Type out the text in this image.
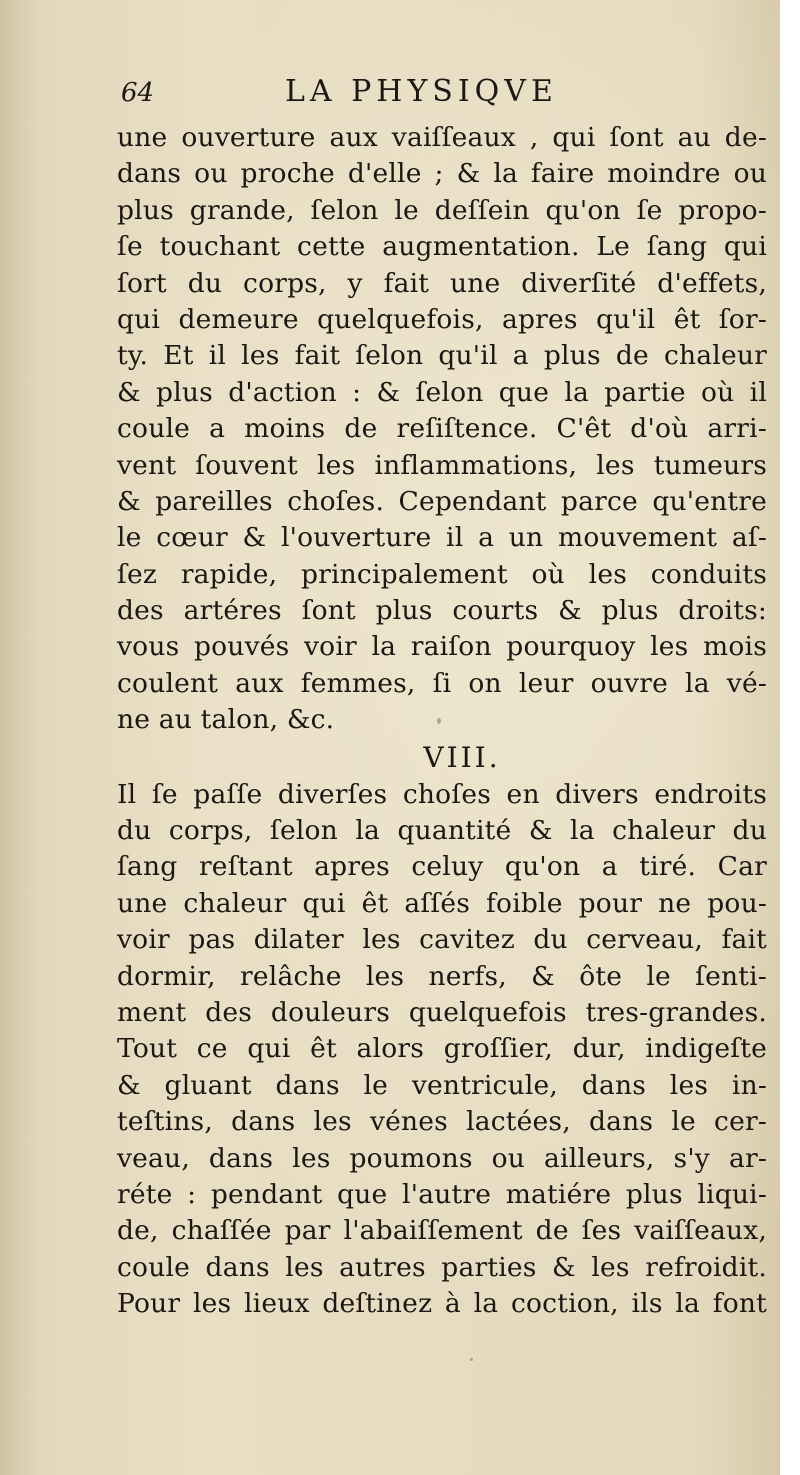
64	LA PHYSIQVE
une ouverture aux vaiſſeaux , qui ſont au de-
dans ou proche d'elle ; & la faire moindre ou
plus grande, ſelon le deſſein qu'on ſe propo-
ſe touchant cette augmentation. Le ſang qui
ſort du corps, y fait une diverſité d'effets,
qui demeure quelquefois, apres qu'il êt ſor-
ty. Et il les fait ſelon qu'il a plus de chaleur
& plus d'action : & ſelon que la partie où il
coule a moins de reſiſtence. C'êt d'où arri-
vent ſouvent les inflammations, les tumeurs
& pareilles choſes. Cependant parce qu'entre
le cœur & l'ouverture il a un mouvement aſ-
ſez rapide, principalement où les conduits
des artéres ſont plus courts & plus droits:
vous pouvés voir la raiſon pourquoy les mois
coulent aux femmes, ſi on leur ouvre la vé-
ne au talon, &c.
VIII.
Il ſe paſſe diverſes choſes en divers endroits
du corps, ſelon la quantité & la chaleur du
ſang reſtant apres celuy qu'on a tiré. Car
une chaleur qui êt aſſés foible pour ne pou-
voir pas dilater les cavitez du cerveau, fait
dormir, relâche les nerfs, & ôte le ſenti-
ment des douleurs quelquefois tres-grandes.
Tout ce qui êt alors groſſier, dur, indigeſte
& gluant dans le ventricule, dans les in-
teſtins, dans les vénes lactées, dans le cer-
veau, dans les poumons ou ailleurs, s'y ar-
réte : pendant que l'autre matiére plus liqui-
de, chaſſée par l'abaiſſement de ſes vaiſſeaux,
coule dans les autres parties & les refroidit.
Pour les lieux deſtinez à la coction, ils la font
